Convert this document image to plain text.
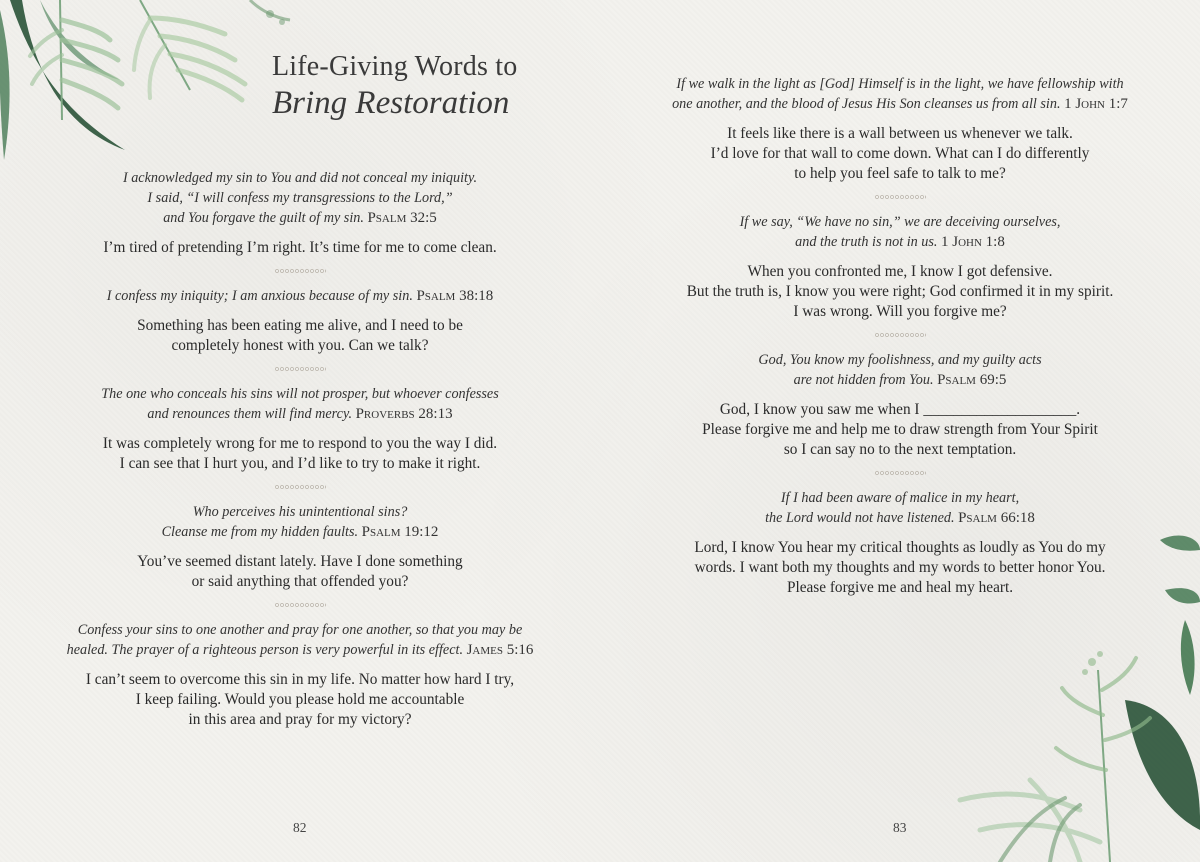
Life-Giving Words to
Bring Restoration

I acknowledged my sin to You and did not conceal my iniquity.
I said, “I will confess my transgressions to the Lord,”
and You forgave the guilt of my sin. Psalm 32:5

I’m tired of pretending I’m right. It’s time for me to come clean.

I confess my iniquity; I am anxious because of my sin. Psalm 38:18

Something has been eating me alive, and I need to be
completely honest with you. Can we talk?

The one who conceals his sins will not prosper, but whoever confesses
and renounces them will find mercy. Proverbs 28:13

It was completely wrong for me to respond to you the way I did.
I can see that I hurt you, and I’d like to try to make it right.

Who perceives his unintentional sins?
Cleanse me from my hidden faults. Psalm 19:12

You’ve seemed distant lately. Have I done something
or said anything that offended you?

Confess your sins to one another and pray for one another, so that you may be
healed. The prayer of a righteous person is very powerful in its effect. James 5:16

I can’t seem to overcome this sin in my life. No matter how hard I try,
I keep failing. Would you please hold me accountable
in this area and pray for my victory?

82

If we walk in the light as [God] Himself is in the light, we have fellowship with
one another, and the blood of Jesus His Son cleanses us from all sin. 1 John 1:7

It feels like there is a wall between us whenever we talk.
I’d love for that wall to come down. What can I do differently
to help you feel safe to talk to me?

If we say, “We have no sin,” we are deceiving ourselves,
and the truth is not in us. 1 John 1:8

When you confronted me, I know I got defensive.
But the truth is, I know you were right; God confirmed it in my spirit.
I was wrong. Will you forgive me?

God, You know my foolishness, and my guilty acts
are not hidden from You. Psalm 69:5

God, I know you saw me when I ____________________.
Please forgive me and help me to draw strength from Your Spirit
so I can say no to the next temptation.

If I had been aware of malice in my heart,
the Lord would not have listened. Psalm 66:18

Lord, I know You hear my critical thoughts as loudly as You do my
words. I want both my thoughts and my words to better honor You.
Please forgive me and heal my heart.

83
